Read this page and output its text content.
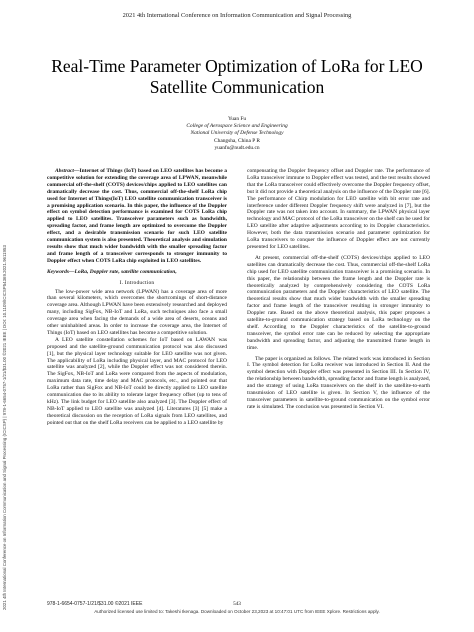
2021 4th International Conference on Information Communication and Signal Processing
2021 4th International Conference on Information Communication and Signal Processing (ICICSP) | 978-1-6654-0757-1/21/$31.00 ©2021 IEEE | DOI: 10.1109/ICICSP54369.2021.9611953
Real-Time Parameter Optimization of LoRa for LEO Satellite Communication
Yuan Fu
College of Aerospace Science and Engineering
National University of Defense Technology
Changsha, China P R
yuanfu@nudt.edu.cn

Abstract—Internet of Things (IoT) based on LEO satellites has become a competitive solution for extending the coverage area of LPWAN, meanwhile commercial off-the-shelf (COTS) devices/chips applied to LEO satellites can dramatically decrease the cost. Thus, commercial off-the-shelf LoRa chip used for Internet of Things(IoT) LEO satellite communication transceiver is a promising application scenario. In this paper, the influence of the Doppler effect on symbol detection performance is examined for COTS LoRa chip applied to LEO satellites. Transceiver parameters such as bandwidth, spreading factor, and frame length are optimized to overcome the Doppler effect, and a desirable transmission scenario for such LEO satellite communication system is also presented. Theoretical analysis and simulation results show that much wider bandwidth with the smaller spreading factor and frame length of a transceiver corresponds to stronger immunity to Doppler effect when COTS LoRa chip exploited in LEO satellites.

Keywords—LoRa, Doppler rate, satellite communication,

I. Introduction

The low-power wide area network (LPWAN) has a coverage area of more than several kilometers, which overcomes the shortcomings of short-distance coverage area. Although LPWAN have been extensively researched and deployed many, including SigFox, NB-IoT and LoRa, such techniques also face a small coverage area when facing the demands of a wide area of deserts, oceans and other uninhabited areas. In order to increase the coverage area, the Internet of Things (IoT) based on LEO satellites has become a competitive solution.

A LEO satellite constellation schemes for IoT based on LAWAN was proposed and the satellite-ground communication protocol was also discussed [1], but the physical layer technology suitable for LEO satellite was not given. The applicability of LoRa including physical layer, and MAC protocol for LEO satellite was analyzed [2], while the Doppler effect was not considered therein. The SigFox, NB-IoT and LoRa were compared from the aspects of modulation, maximum data rate, time delay and MAC protocols, etc., and pointed out that LoRa rather than SigFox and NB-IoT could be directly applied to LEO satellite communication due to its ability to tolerate larger frequency offset (up to tens of kHz). The link budget for LEO satellite also analyzed [3]. The Doppler effect of NB-IoT applied to LEO satellite was analyzed [4]. Literatures [3] [5] make a theoretical discussion on the reception of LoRa signals from LEO satellites, and pointed out that on the shelf LoRa receivers can be applied to a LEO satellite by

compensating the Doppler frequency offset and Doppler rate. The performance of LoRa transceiver immune to Doppler effect was tested, and the test results showed that the LoRa transceiver could effectively overcome the Doppler frequency offset, but it did not provide a theoretical analysis on the influence of the Doppler rate [6]. The performance of Chirp modulation for LEO satellite with bit error rate and interference under different Doppler frequency shift were analyzed in [7], but the Doppler rate was not taken into account. In summary, the LPWAN physical layer technology and MAC protocol of the LoRa transceiver on the shelf can be used for LEO satellite after adaptive adjustments according to its Doppler characteristics. However, both the data transmission scenario and parameter optimization for LoRa transceivers to conquer the influence of Doppler effect are not currently presented for LEO satellites.

At present, commercial off-the-shelf (COTS) devices/chips applied to LEO satellites can dramatically decrease the cost. Thus, commercial off-the-shelf LoRa chip used for LEO satellite communication transceiver is a promising scenario. In this paper, the relationship between the frame length and the Doppler rate is theoretically analyzed by comprehensively considering the COTS LoRa communication parameters and the Doppler characteristics of LEO satellite. The theoretical results show that much wider bandwidth with the smaller spreading factor and frame length of the transceiver resulting in stronger immunity to Doppler rate. Based on the above theoretical analysis, this paper proposes a satellite-to-ground communication strategy based on LoRa technology on the shelf. According to the Doppler characteristics of the satellite-to-ground transceiver, the symbol error rate can be reduced by selecting the appropriate bandwidth and spreading factor, and adjusting the transmitted frame length in time.

The paper is organized as follows. The related work was introduced in Section I. The symbol detection for LoRa receiver was introduced in Section II. And the symbol detection with Doppler effect was presented in Section III. In Section IV, the relationship between bandwidth, spreading factor and frame length is analyzed, and the strategy of using LoRa transceivers on the shelf in the satellite-to-earth transmission of LEO satellite is given. In Section V, the influence of the transceiver parameters in satellite-to-ground communication on the symbol error rate is simulated. The conclusion was presented in Section VI.

978-1-6654-0757-1/21/$31.00 ©2021 IEEE	543
Authorized licensed use limited to: Takeshi Ikenaga. Downloaded on October 23,2023 at 10:47:01 UTC from IEEE Xplore. Restrictions apply.
